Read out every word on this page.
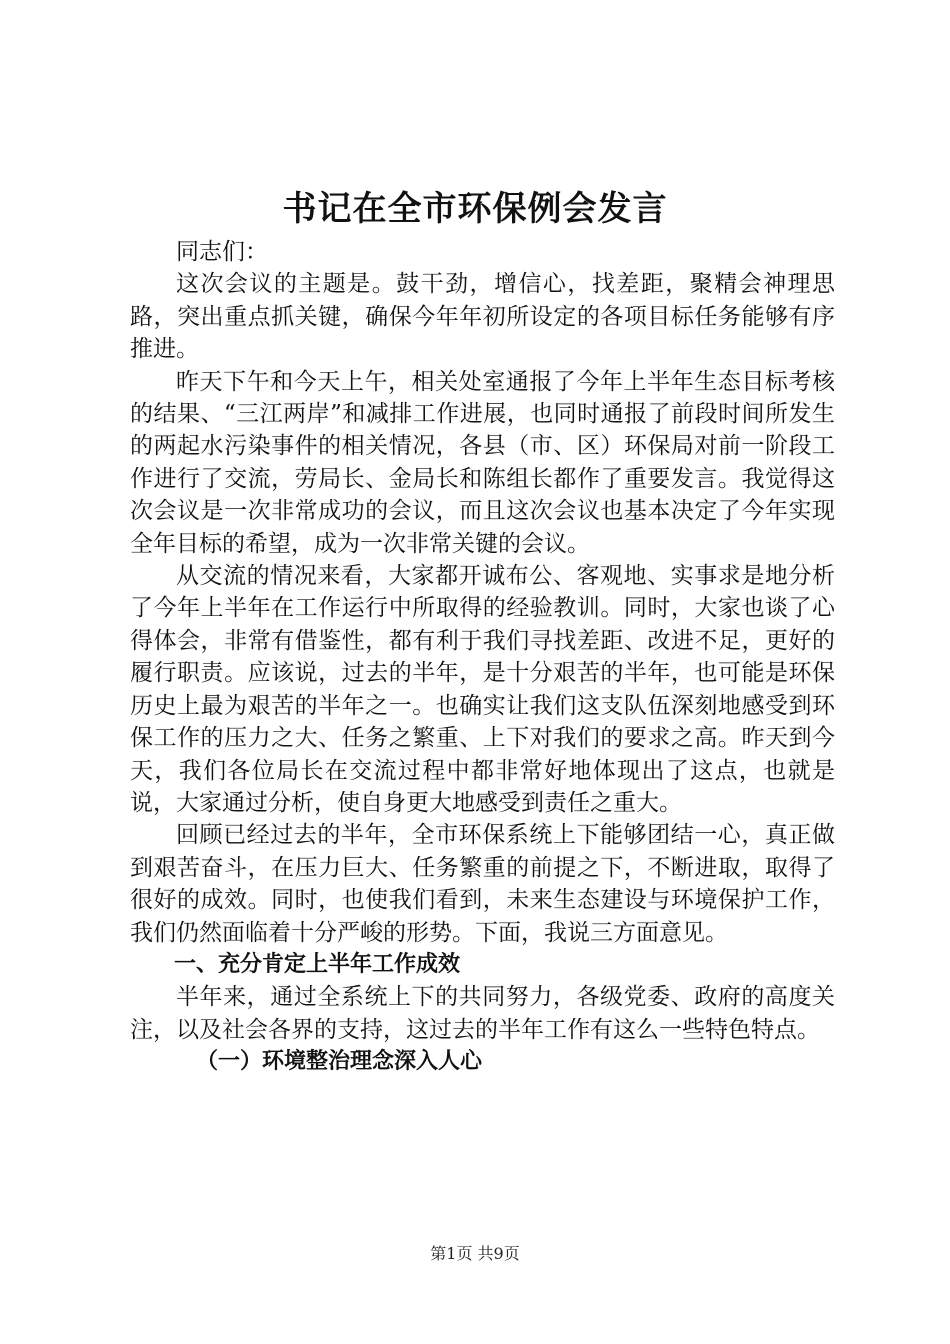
书记在全市环保例会发言

同志们：

这次会议的主题是。鼓干劲，增信心，找差距，聚精会神理思路，突出重点抓关键，确保今年年初所设定的各项目标任务能够有序推进。

昨天下午和今天上午，相关处室通报了今年上半年生态目标考核的结果、“三江两岸”和减排工作进展，也同时通报了前段时间所发生的两起水污染事件的相关情况，各县（市、区）环保局对前一阶段工作进行了交流，劳局长、金局长和陈组长都作了重要发言。我觉得这次会议是一次非常成功的会议，而且这次会议也基本决定了今年实现全年目标的希望，成为一次非常关键的会议。

从交流的情况来看，大家都开诚布公、客观地、实事求是地分析了今年上半年在工作运行中所取得的经验教训。同时，大家也谈了心得体会，非常有借鉴性，都有利于我们寻找差距、改进不足，更好的履行职责。应该说，过去的半年，是十分艰苦的半年，也可能是环保历史上最为艰苦的半年之一。也确实让我们这支队伍深刻地感受到环保工作的压力之大、任务之繁重、上下对我们的要求之高。昨天到今天，我们各位局长在交流过程中都非常好地体现出了这点，也就是说，大家通过分析，使自身更大地感受到责任之重大。

回顾已经过去的半年，全市环保系统上下能够团结一心，真正做到艰苦奋斗，在压力巨大、任务繁重的前提之下，不断进取，取得了很好的成效。同时，也使我们看到，未来生态建设与环境保护工作，我们仍然面临着十分严峻的形势。下面，我说三方面意见。

一、充分肯定上半年工作成效

半年来，通过全系统上下的共同努力，各级党委、政府的高度关注，以及社会各界的支持，这过去的半年工作有这么一些特色特点。

（一）环境整治理念深入人心
第1页 共9页
